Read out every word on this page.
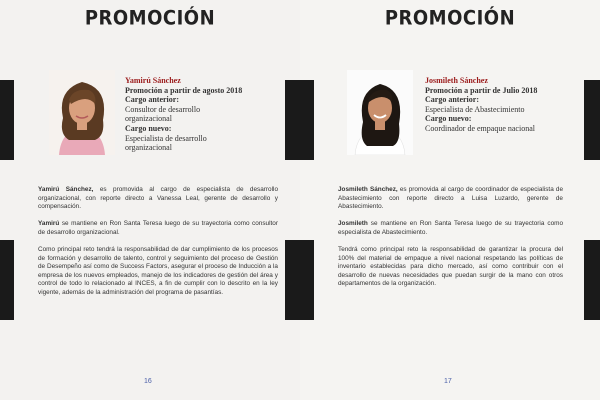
PROMOCIÓN
Yamirú Sánchez
Promoción a partir de agosto 2018
Cargo anterior:
Consultor de desarrollo organizacional
Cargo nuevo:
Especialista de desarrollo organizacional

Yamirú Sánchez, es promovida al cargo de especialista de desarrollo organizacional, con reporte directo a Vanessa Leal, gerente de desarrollo y compensación.

Yamirú se mantiene en Ron Santa Teresa luego de su trayectoria como consultor de desarrollo organizacional.

Como principal reto tendrá la responsabilidad de dar cumplimiento de los procesos de formación y desarrollo de talento, control y seguimiento del proceso de Gestión de Desempeño así como de Success Factors, asegurar el proceso de Inducción a la empresa de los nuevos empleados, manejo de los indicadores de gestión del área y control de todo lo relacionado al INCES, a fin de cumplir con lo descrito en la ley vigente, además de la administración del programa de pasantías.

16
PROMOCIÓN
Josmileth Sánchez
Promoción a partir de Julio 2018
Cargo anterior:
Especialista de Abastecimiento
Cargo nuevo:
Coordinador de empaque nacional

Josmileth Sánchez, es promovida al cargo de coordinador de especialista de Abastecimiento con reporte directo a Luisa Luzardo, gerente de Abastecimiento.

Josmileth se mantiene en Ron Santa Teresa luego de su trayectoria como especialista de Abastecimiento.

Tendrá como principal reto la responsabilidad de garantizar la procura del 100% del material de empaque a nivel nacional respetando las políticas de inventario establecidas para dicho mercado, así como contribuir con el desarrollo de nuevas necesidades que puedan surgir de la mano con otros departamentos de la organización.

17
